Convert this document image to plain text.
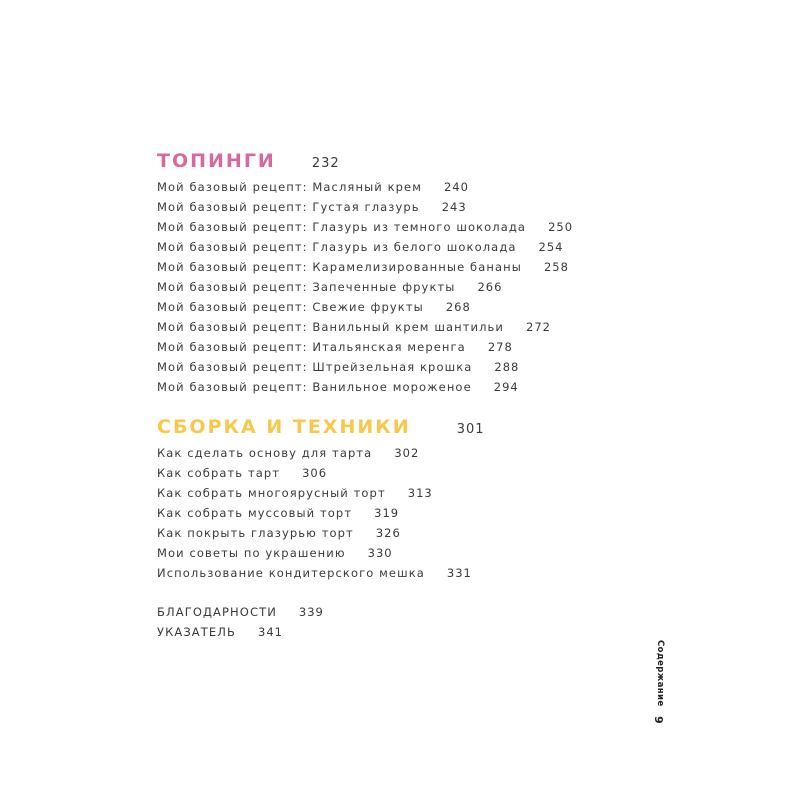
ТОПИНГИ	232
Мой базовый рецепт: Масляный крем 240
Мой базовый рецепт: Густая глазурь 243
Мой базовый рецепт: Глазурь из темного шоколада 250
Мой базовый рецепт: Глазурь из белого шоколада 254
Мой базовый рецепт: Карамелизированные бананы 258
Мой базовый рецепт: Запеченные фрукты 266
Мой базовый рецепт: Свежие фрукты 268
Мой базовый рецепт: Ванильный крем шантильи 272
Мой базовый рецепт: Итальянская меренга 278
Мой базовый рецепт: Штрейзельная крошка 288
Мой базовый рецепт: Ванильное мороженое 294
СБОРКА И ТЕХНИКИ	301
Как сделать основу для тарта 302
Как собрать тарт 306
Как собрать многоярусный торт 313
Как собрать муссовый торт 319
Как покрыть глазурью торт 326
Мои советы по украшению 330
Использование кондитерского мешка 331
БЛАГОДАРНОСТИ 339
УКАЗАТЕЛЬ 341
Содержание
9
